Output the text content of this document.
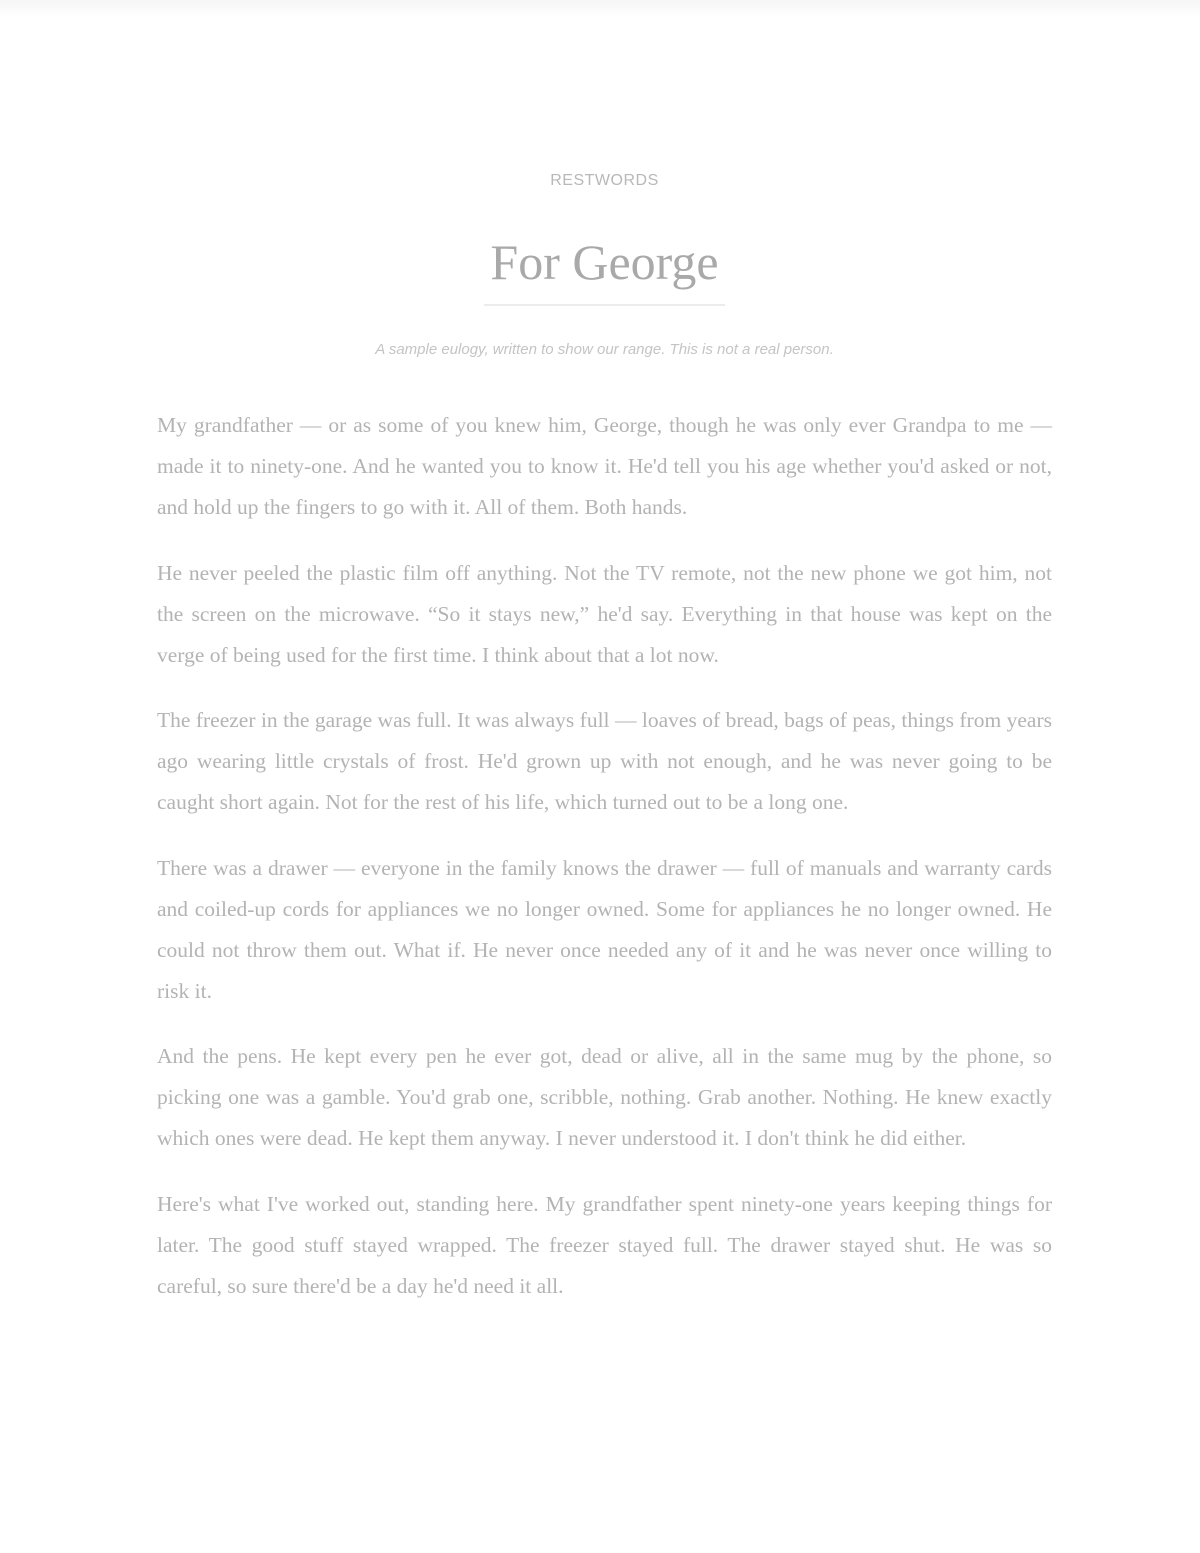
RESTWORDS
For George
A sample eulogy, written to show our range. This is not a real person.

My grandfather — or as some of you knew him, George, though he was only ever Grandpa to me — made it to ninety-one. And he wanted you to know it. He'd tell you his age whether you'd asked or not, and hold up the fingers to go with it. All of them. Both hands.

He never peeled the plastic film off anything. Not the TV remote, not the new phone we got him, not the screen on the microwave. “So it stays new,” he'd say. Everything in that house was kept on the verge of being used for the first time. I think about that a lot now.

The freezer in the garage was full. It was always full — loaves of bread, bags of peas, things from years ago wearing little crystals of frost. He'd grown up with not enough, and he was never going to be caught short again. Not for the rest of his life, which turned out to be a long one.

There was a drawer — everyone in the family knows the drawer — full of manuals and warranty cards and coiled-up cords for appliances we no longer owned. Some for appliances he no longer owned. He could not throw them out. What if. He never once needed any of it and he was never once willing to risk it.

And the pens. He kept every pen he ever got, dead or alive, all in the same mug by the phone, so picking one was a gamble. You'd grab one, scribble, nothing. Grab another. Nothing. He knew exactly which ones were dead. He kept them anyway. I never understood it. I don't think he did either.

Here's what I've worked out, standing here. My grandfather spent ninety-one years keeping things for later. The good stuff stayed wrapped. The freezer stayed full. The drawer stayed shut. He was so careful, so sure there'd be a day he'd need it all.
